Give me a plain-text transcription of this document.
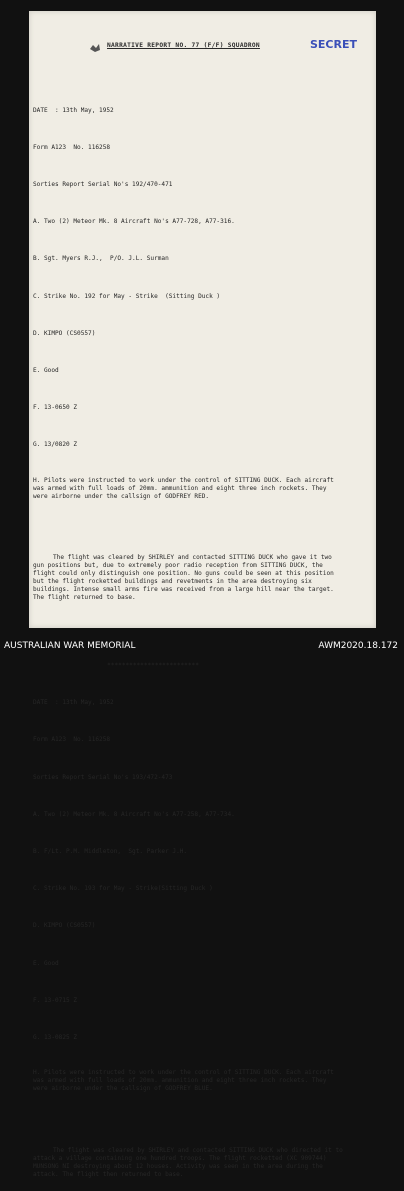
NARRATIVE REPORT NO. 77 (F/F) SQUADRON	SECRET

DATE  : 13th May, 1952

Form A123  No. 116258

Sorties Report Serial No's 192/470-471

A. Two (2) Meteor Mk. 8 Aircraft No's A77-728, A77-316.

B. Sgt. Myers R.J.,  P/O. J.L. Surman

C. Strike No. 192 for May - Strike  (Sitting Duck )

D. KIMPO (CS0557)

E. Good

F. 13-0650 Z

G. 13/0820 Z

H. Pilots were instructed to work under the control of SITTING DUCK. Each aircraft was armed with full loads of 20mm. ammunition and eight three inch rockets. They were airborne under the callsign of GODFREY RED.

The flight was cleared by SHIRLEY and contacted SITTING DUCK who gave it two gun positions but, due to extremely poor radio reception from SITTING DUCK, the flight could only distinguish one position. No guns could be seen at this position but the flight rocketted buildings and revetments in the area destroying six buildings. Intense small arms fire was received from a large hill near the target. The flight returned to base.

*************************

DATE  : 13th May, 1952

Form A123  No. 116258

Sorties Report Serial No's 193/472-473

A. Two (2) Meteor Mk. 8 Aircraft No's A77-258, A77-734.

B. F/Lt. P.M. Middleton,  Sgt. Parker J.H.

C. Strike No. 193 for May - Strike(Sitting Duck )

D. KIMPO (CS0557)

E. Good

F. 13-0715 Z

G. 13-0825 Z

H. Pilots were instructed to work under the control of SITTING DUCK. Each aircraft was armed with full loads of 20mm. ammunition and eight three inch rockets. They were airborne under the callsign of GODFREY BLUE.

The flight was cleared by SHIRLEY and contacted SITTING DUCK who directed it to attack a village containing one hundred troops. The flight rocketted (XC 909744) MUNSONG NI destroying about 12 houses. Activity was seen in the area during the attack. The flight then returned to base.

AUSTRALIAN WAR MEMORIAL	AWM2020.18.172
